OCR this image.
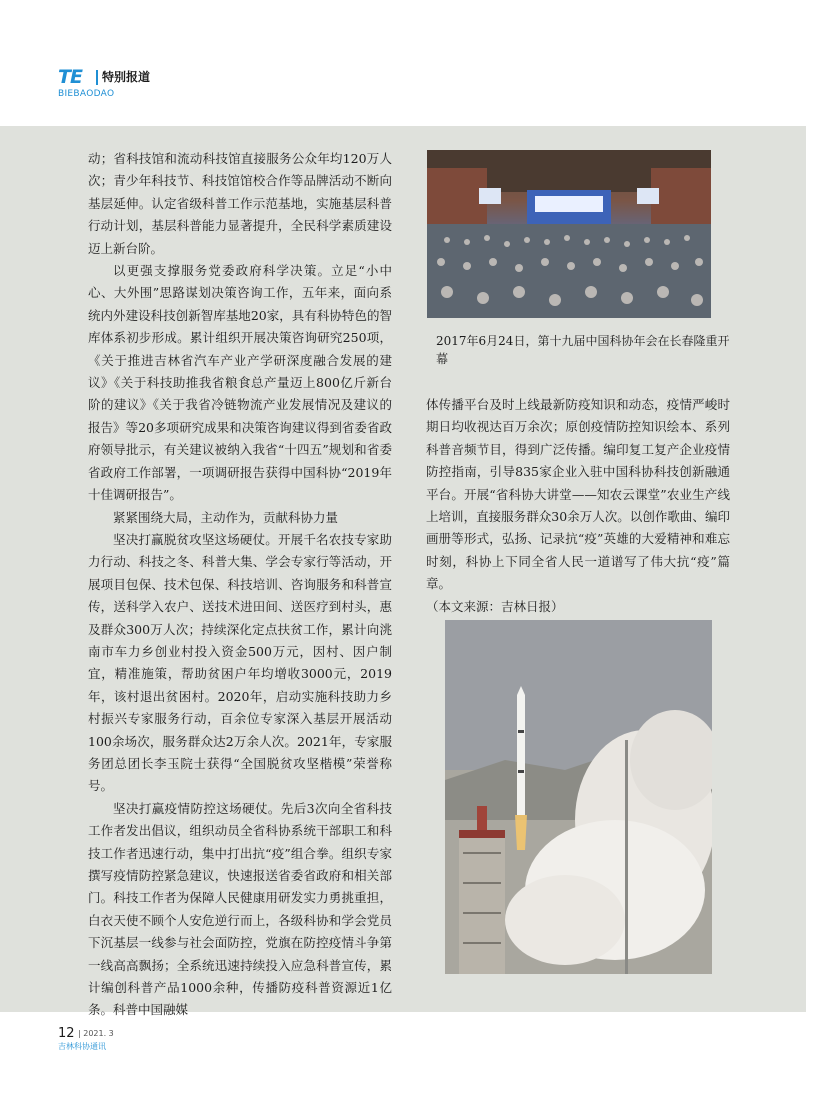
TE	特别报道
BIEBAODAO

动；省科技馆和流动科技馆直接服务公众年均120万人次；青少年科技节、科技馆馆校合作等品牌活动不断向基层延伸。认定省级科普工作示范基地，实施基层科普行动计划，基层科普能力显著提升，全民科学素质建设迈上新台阶。

以更强支撑服务党委政府科学决策。立足“小中心、大外围”思路谋划决策咨询工作，五年来，面向系统内外建设科技创新智库基地20家，具有科协特色的智库体系初步形成。累计组织开展决策咨询研究250项，《关于推进吉林省汽车产业产学研深度融合发展的建议》《关于科技助推我省粮食总产量迈上800亿斤新台阶的建议》《关于我省冷链物流产业发展情况及建议的报告》等20多项研究成果和决策咨询建议得到省委省政府领导批示，有关建议被纳入我省“十四五”规划和省委省政府工作部署，一项调研报告获得中国科协“2019年十佳调研报告”。

紧紧围绕大局，主动作为，贡献科协力量

坚决打赢脱贫攻坚这场硬仗。开展千名农技专家助力行动、科技之冬、科普大集、学会专家行等活动，开展项目包保、技术包保、科技培训、咨询服务和科普宣传，送科学入农户、送技术进田间、送医疗到村头，惠及群众300万人次；持续深化定点扶贫工作，累计向洮南市车力乡创业村投入资金500万元，因村、因户制宜，精准施策，帮助贫困户年均增收3000元，2019年，该村退出贫困村。2020年，启动实施科技助力乡村振兴专家服务行动，百余位专家深入基层开展活动100余场次，服务群众达2万余人次。2021年，专家服务团总团长李玉院士获得“全国脱贫攻坚楷模”荣誉称号。

坚决打赢疫情防控这场硬仗。先后3次向全省科技工作者发出倡议，组织动员全省科协系统干部职工和科技工作者迅速行动，集中打出抗“疫”组合拳。组织专家撰写疫情防控紧急建议，快速报送省委省政府和相关部门。科技工作者为保障人民健康用研发实力勇挑重担，白衣天使不顾个人安危逆行而上，各级科协和学会党员下沉基层一线参与社会面防控，党旗在防控疫情斗争第一线高高飘扬；全系统迅速持续投入应急科普宣传，累计编创科普产品1000余种，传播防疫科普资源近1亿条。科普中国融媒

2017年6月24日，第十九届中国科协年会在长春隆重开幕

体传播平台及时上线最新防疫知识和动态，疫情严峻时期日均收视达百万余次；原创疫情防控知识绘本、系列科普音频节目，得到广泛传播。编印复工复产企业疫情防控指南，引导835家企业入驻中国科协科技创新融通平台。开展“省科协大讲堂——知农云课堂”农业生产线上培训，直接服务群众30余万人次。以创作歌曲、编印画册等形式，弘扬、记录抗“疫”英雄的大爱精神和难忘时刻，科协上下同全省人民一道谱写了伟大抗“疫”篇章。

（本文来源：吉林日报）

12 | 2021. 3
吉林科协通讯
